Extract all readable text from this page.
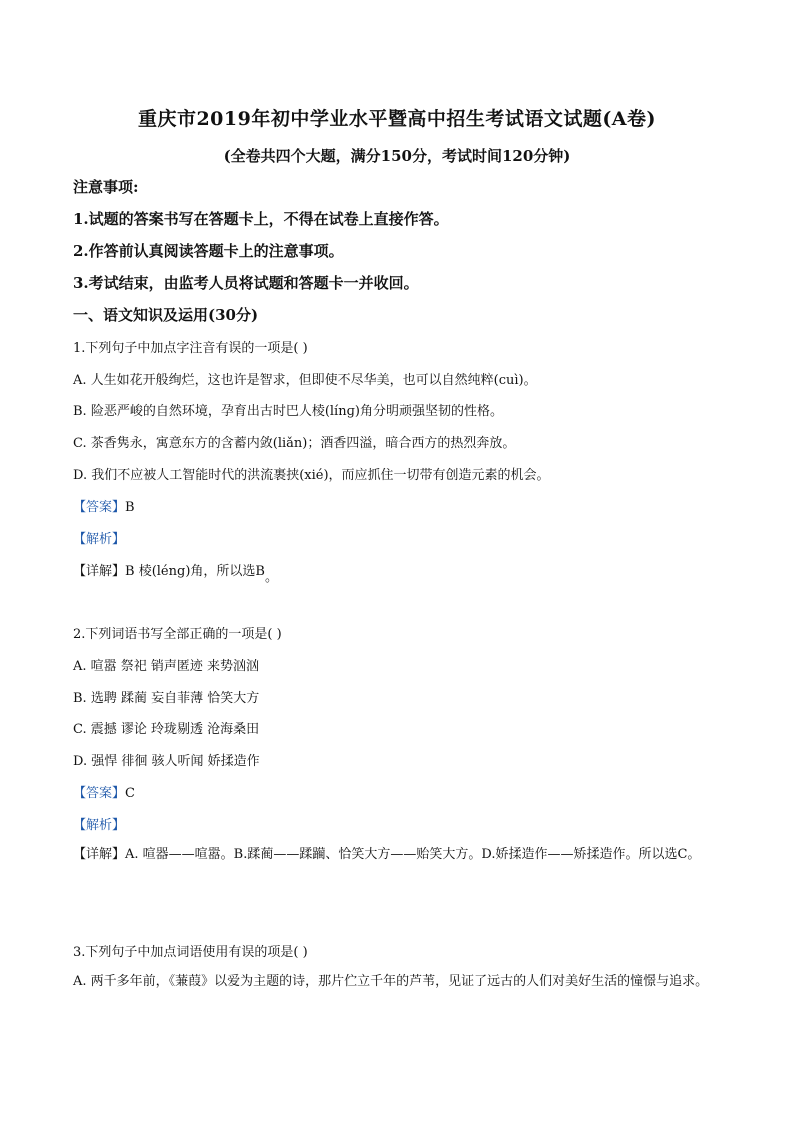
重庆市2019年初中学业水平暨高中招生考试语文试题(A卷)
(全卷共四个大题，满分150分，考试时间120分钟)
注意事项:
1.试题的答案书写在答题卡上，不得在试卷上直接作答。
2.作答前认真阅读答题卡上的注意事项。
3.考试结束，由监考人员将试题和答题卡一并收回。
一、语文知识及运用(30分)
1.下列句子中加点字注音有误的一项是( )
A. 人生如花开般绚烂，这也许是智求，但即使不尽华美，也可以自然纯粹(cuì)。
B. 险恶严峻的自然环境，孕育出古时巴人棱(línɡ)角分明顽强坚韧的性格。
C. 茶香隽永，寓意东方的含蓄内敛(liǎn)；酒香四溢，暗合西方的热烈奔放。
D. 我们不应被人工智能时代的洪流裹挟(xié)，而应抓住一切带有创造元素的机会。
【答案】B
【解析】
【详解】B 棱(léng)角，所以选B。
2.下列词语书写全部正确的一项是( )
A. 喧嚣 祭祀 销声匿迹 来势汹汹
B. 选聘 蹂蔺 妄自菲薄 恰笑大方
C. 震撼 谬论 玲珑剔透 沧海桑田
D. 强悍 徘徊 骇人听闻 娇揉造作
【答案】C
【解析】
【详解】A. 喧器——喧嚣。B.蹂蔺——蹂躏、恰笑大方——贻笑大方。D.娇揉造作——矫揉造作。所以选C。
3.下列句子中加点词语使用有误的项是( )
A. 两千多年前，《蒹葭》以爱为主题的诗，那片伫立千年的芦苇，见证了远古的人们对美好生活的憧憬与追求。
